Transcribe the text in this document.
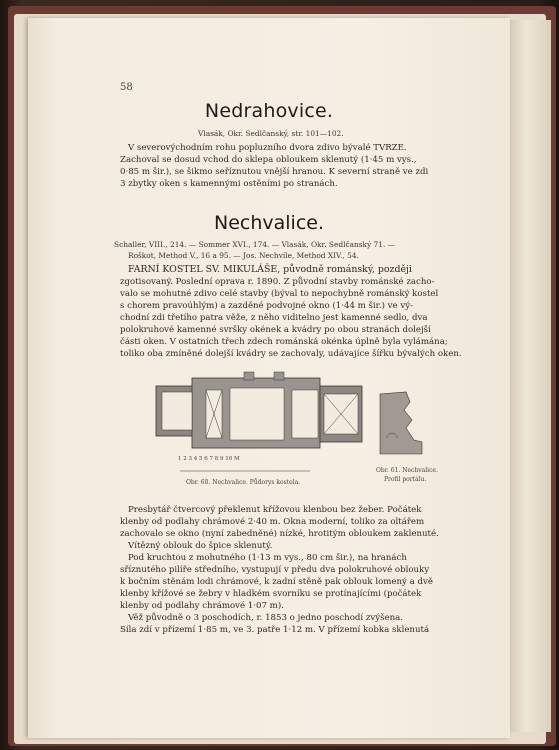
58
Nedrahovice.
Vlasák, Okr. Sedlčanský, str. 101—102.
V severovýchodním rohu popluzního dvora zdivo bývalé TVRZE.
Zachoval se dosud vchod do sklepa obloukem sklenutý (1·45 m vys.,
0·85 m šir.), se šikmo seříznutou vnější hranou. K severní straně ve zdi
3 zbytky oken s kamennými ostěními po stranách.
Nechvalice.
Schaller, VIII., 214. — Sommer XVI., 174. — Vlasák, Okr. Sedlčanský 71. —
Roškot, Method V., 16 a 95. — Jos. Nechvíle, Method XIV., 54.
FARNÍ KOSTEL SV. MIKULÁŠE, původně románský, později
zgotisovaný. Poslední oprava r. 1890. Z původní stavby románské zacho-
valo se mohutné zdivo celé stavby (býval to nepochybně románský kostel
s chorem pravoúhlým) a zazděné podvojné okno (1·44 m šir.) ve vý-
chodní zdi třetího patra věže, z něho viditelno jest kamenné sedlo, dva
polokruhové kamenné svršky okének a kvádry po obou stranách dolejší
části oken. V ostatních třech zdech románská okénka úplně byla vylámána;
toliko oba zmíněné dolejší kvádry se zachovaly, udávajíce šířku bývalých oken.
1 2 3 4 5 6 7 8 9 10 M
Obr. 60. Nechvalice. Půdorys kostela.
Obr. 61. Nechvalice.
Profil portálu.
Presbytář čtvercový překlenut křížovou klenbou bez žeber. Počátek
klenby od podlahy chrámové 2·40 m. Okna moderní, toliko za oltářem
zachovalo se okno (nyní zabedněné) nízké, hrotitým obloukem zaklenuté.
Vítězný oblouk do špice sklenutý.
Pod kruchtou z mohutného (1·13 m vys., 80 cm šir.), na hranách
sříznutého pilíře středního, vystupují v předu dva polokruhové oblouky
k bočním stěnám lodi chrámové, k zadní stěně pak oblouk lomený a dvě
klenby křížové se žebry v hladkém svorníku se protínajícími (počátek
klenby od podlahy chrámové 1·07 m).
Věž původně o 3 poschodích, r. 1853 o jedno poschodí zvýšena.
Síla zdí v přízemí 1·85 m, ve 3. patře 1·12 m. V přízemí kobka sklenutá
